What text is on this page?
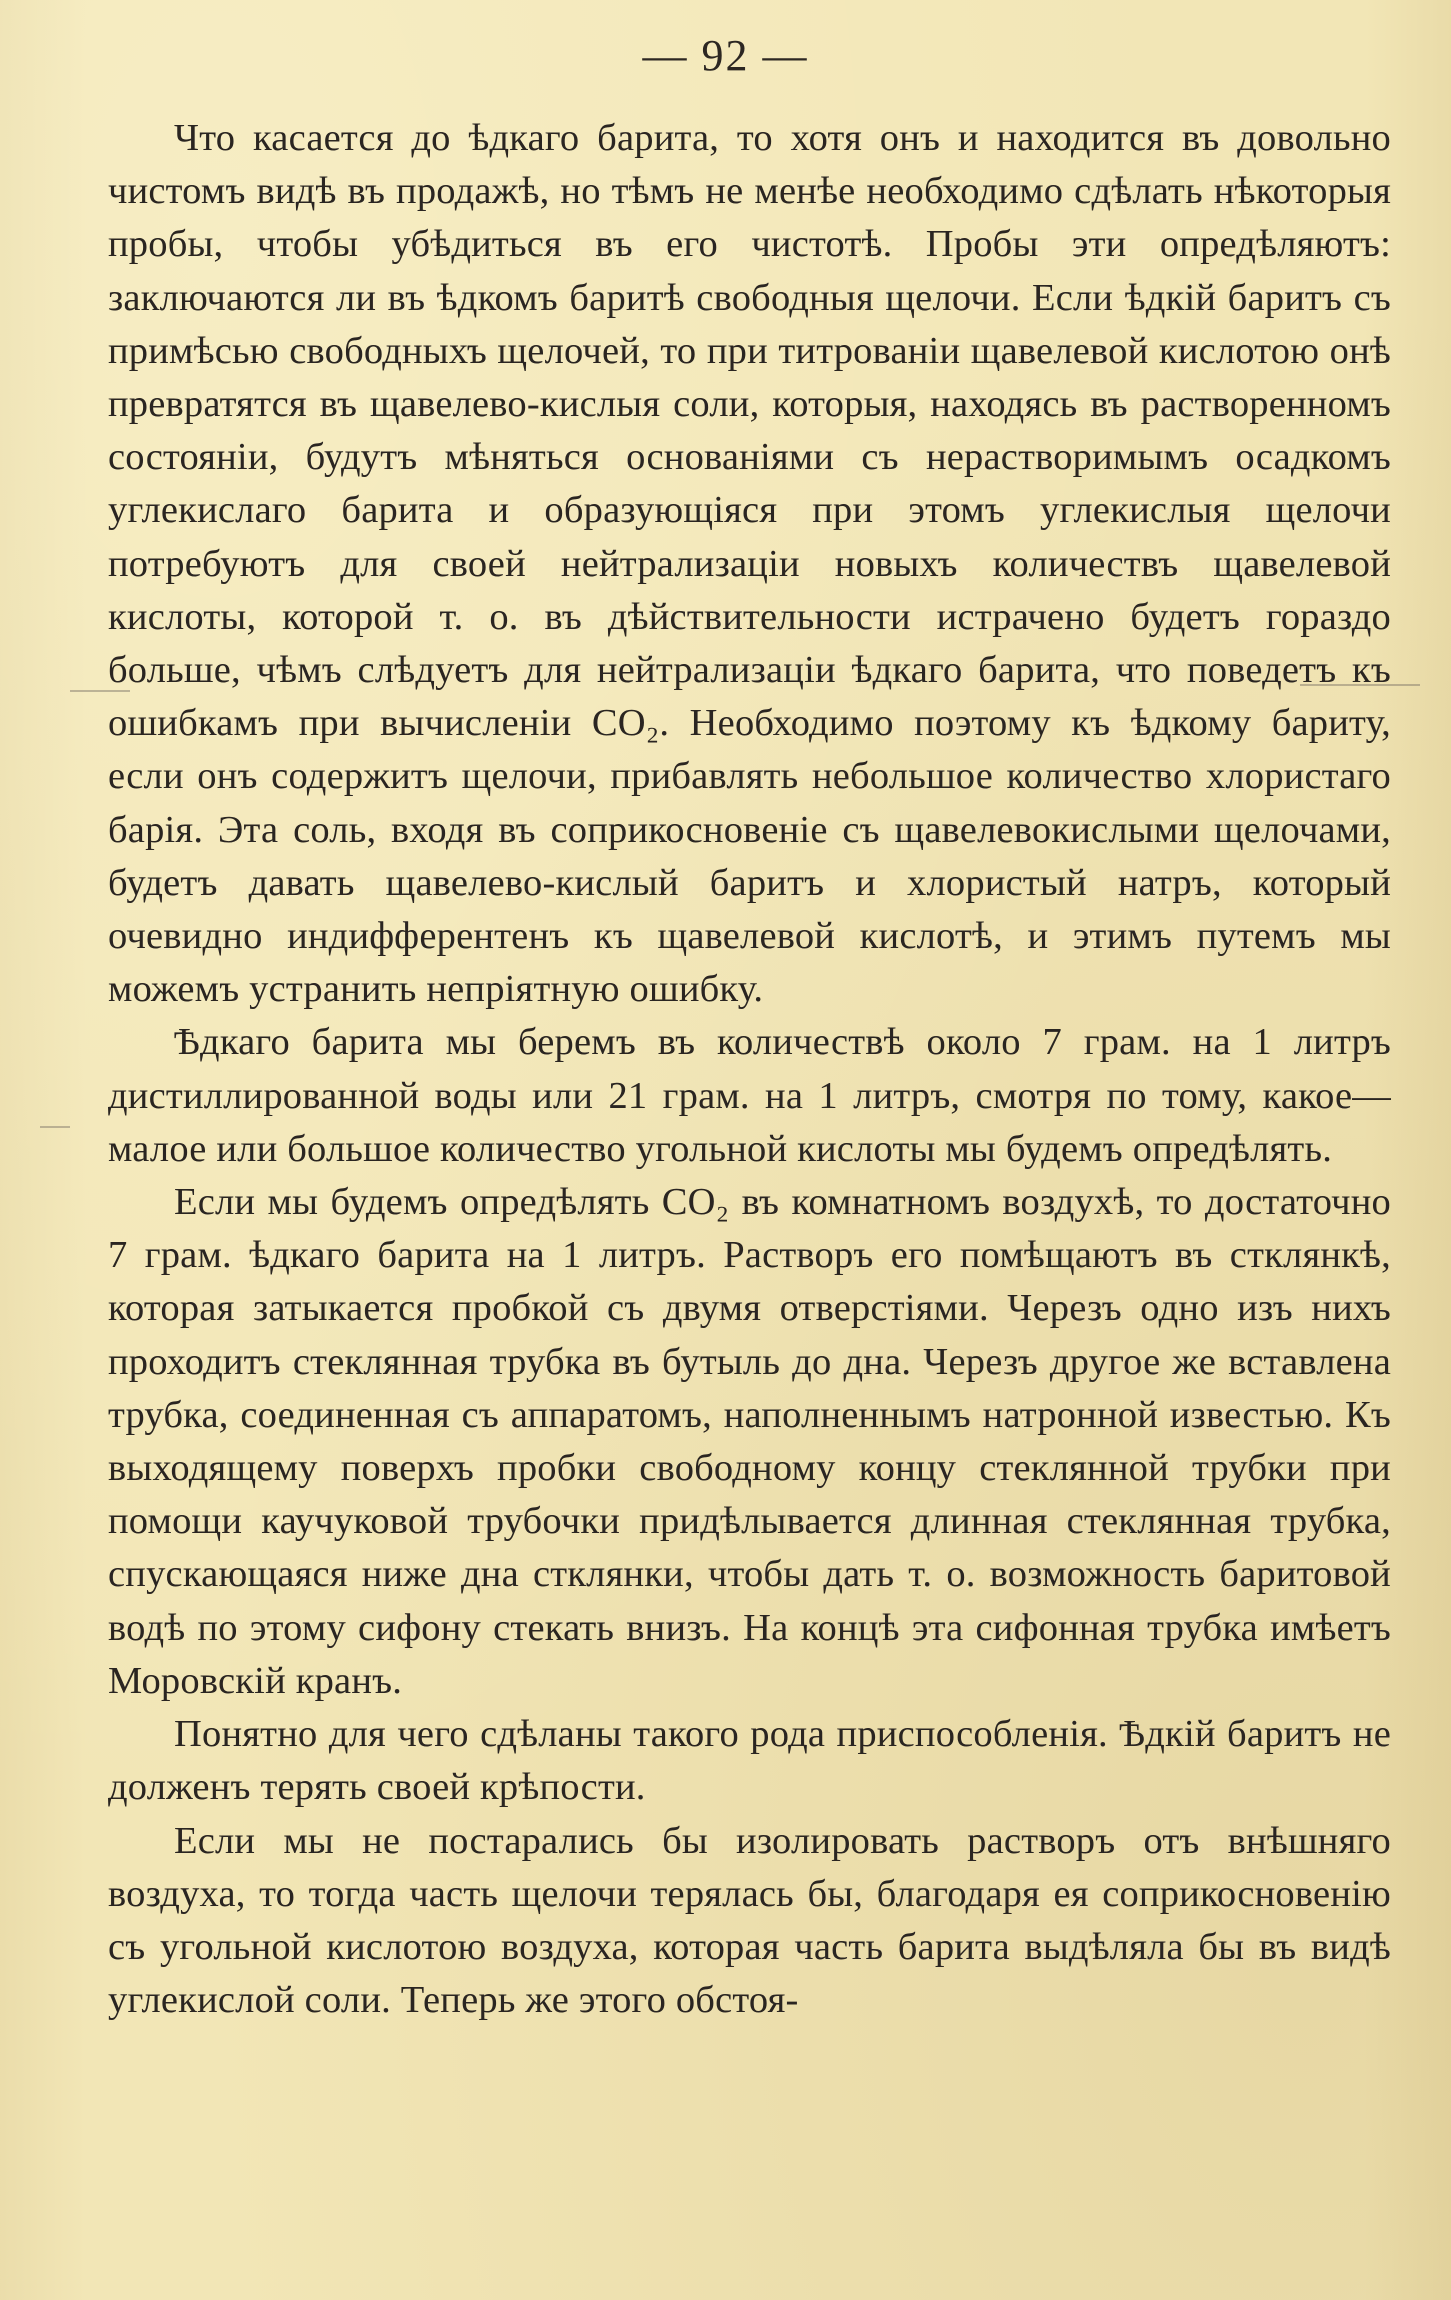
— 92 —

Что касается до ѣдкаго барита, то хотя онъ и находится въ довольно чистомъ видѣ въ продажѣ, но тѣмъ не менѣе необходимо сдѣлать нѣкоторыя пробы, чтобы убѣдиться въ его чистотѣ. Пробы эти опредѣляютъ: заключаются ли въ ѣдкомъ баритѣ свободныя щелочи. Если ѣдкiй баритъ съ примѣсью свободныхъ щелочей, то при титрованiи щавелевой кислотою онѣ превратятся въ щавелево-кислыя соли, которыя, находясь въ растворенномъ состоянiи, будутъ мѣняться основанiями съ нерастворимымъ осадкомъ углекислаго барита и образующiяся при этомъ углекислыя щелочи потребуютъ для своей нейтрализацiи новыхъ количествъ щавелевой кислоты, которой т. о. въ дѣйствительности истрачено будетъ гораздо больше, чѣмъ слѣдуетъ для нейтрализацiи ѣдкаго барита, что поведетъ къ ошибкамъ при вычисленiи СО₂. Необходимо поэтому къ ѣдкому бариту, если онъ содержитъ щелочи, прибавлять небольшое количество хлористаго барiя. Эта соль, входя въ соприкосновенiе съ щавелевокислыми щелочами, будетъ давать щавелево-кислый баритъ и хлористый натръ, который очевидно индифферентенъ къ щавелевой кислотѣ, и этимъ путемъ мы можемъ устранить непрiятную ошибку.

Ѣдкаго барита мы беремъ въ количествѣ около 7 грам. на 1 литръ дистиллированной воды или 21 грам. на 1 литръ, смотря по тому, какое—малое или большое количество угольной кислоты мы будемъ опредѣлять.

Если мы будемъ опредѣлять СО₂ въ комнатномъ воздухѣ, то достаточно 7 грам. ѣдкаго барита на 1 литръ. Растворъ его помѣщаютъ въ стклянкѣ, которая затыкается пробкой съ двумя отверстiями. Черезъ одно изъ нихъ проходитъ стеклянная трубка въ бутыль до дна. Черезъ другое же вставлена трубка, соединенная съ аппаратомъ, наполненнымъ натронной известью. Къ выходящему поверхъ пробки свободному концу стеклянной трубки при помощи каучуковой трубочки придѣлывается длинная стеклянная трубка, спускающаяся ниже дна стклянки, чтобы дать т. о. возможность баритовой водѣ по этому сифону стекать внизъ. На концѣ эта сифонная трубка имѣетъ Моровскiй кранъ.

Понятно для чего сдѣланы такого рода приспособленiя. Ѣдкiй баритъ не долженъ терять своей крѣпости.

Если мы не постарались бы изолировать растворъ отъ внѣшняго воздуха, то тогда часть щелочи терялась бы, благодаря ея соприкосновенiю съ угольной кислотою воздуха, которая часть барита выдѣляла бы въ видѣ углекислой соли. Теперь же этого обстоя-
